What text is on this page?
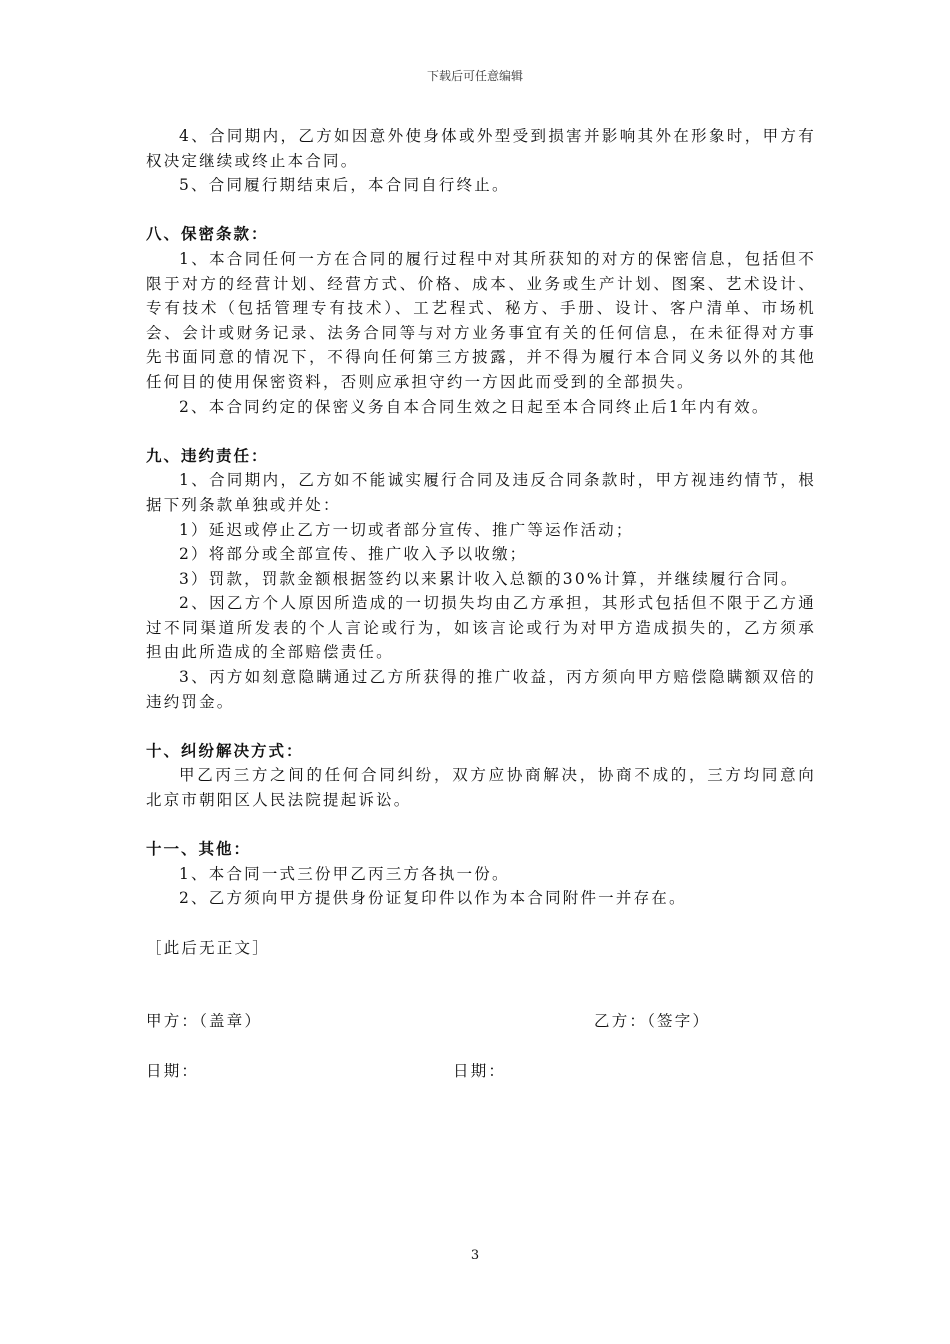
下载后可任意编辑

4、合同期内，乙方如因意外使身体或外型受到损害并影响其外在形象时，甲方有权决定继续或终止本合同。

5、合同履行期结束后，本合同自行终止。

八、保密条款：

1、本合同任何一方在合同的履行过程中对其所获知的对方的保密信息，包括但不限于对方的经营计划、经营方式、价格、成本、业务或生产计划、图案、艺术设计、专有技术（包括管理专有技术）、工艺程式、秘方、手册、设计、客户清单、市场机会、会计或财务记录、法务合同等与对方业务事宜有关的任何信息，在未征得对方事先书面同意的情况下，不得向任何第三方披露，并不得为履行本合同义务以外的其他任何目的使用保密资料，否则应承担守约一方因此而受到的全部损失。

2、本合同约定的保密义务自本合同生效之日起至本合同终止后1年内有效。

九、违约责任：

1、合同期内，乙方如不能诚实履行合同及违反合同条款时，甲方视违约情节，根据下列条款单独或并处：

1）延迟或停止乙方一切或者部分宣传、推广等运作活动；

2）将部分或全部宣传、推广收入予以收缴；

3）罚款，罚款金额根据签约以来累计收入总额的30%计算，并继续履行合同。

2、因乙方个人原因所造成的一切损失均由乙方承担，其形式包括但不限于乙方通过不同渠道所发表的个人言论或行为，如该言论或行为对甲方造成损失的，乙方须承担由此所造成的全部赔偿责任。

3、丙方如刻意隐瞒通过乙方所获得的推广收益，丙方须向甲方赔偿隐瞒额双倍的违约罚金。

十、纠纷解决方式：

甲乙丙三方之间的任何合同纠纷，双方应协商解决，协商不成的，三方均同意向北京市朝阳区人民法院提起诉讼。

十一、其他：

1、本合同一式三份甲乙丙三方各执一份。

2、乙方须向甲方提供身份证复印件以作为本合同附件一并存在。

［此后无正文］

甲方：（盖章）	乙方：（签字）
日期：	日期：
3
